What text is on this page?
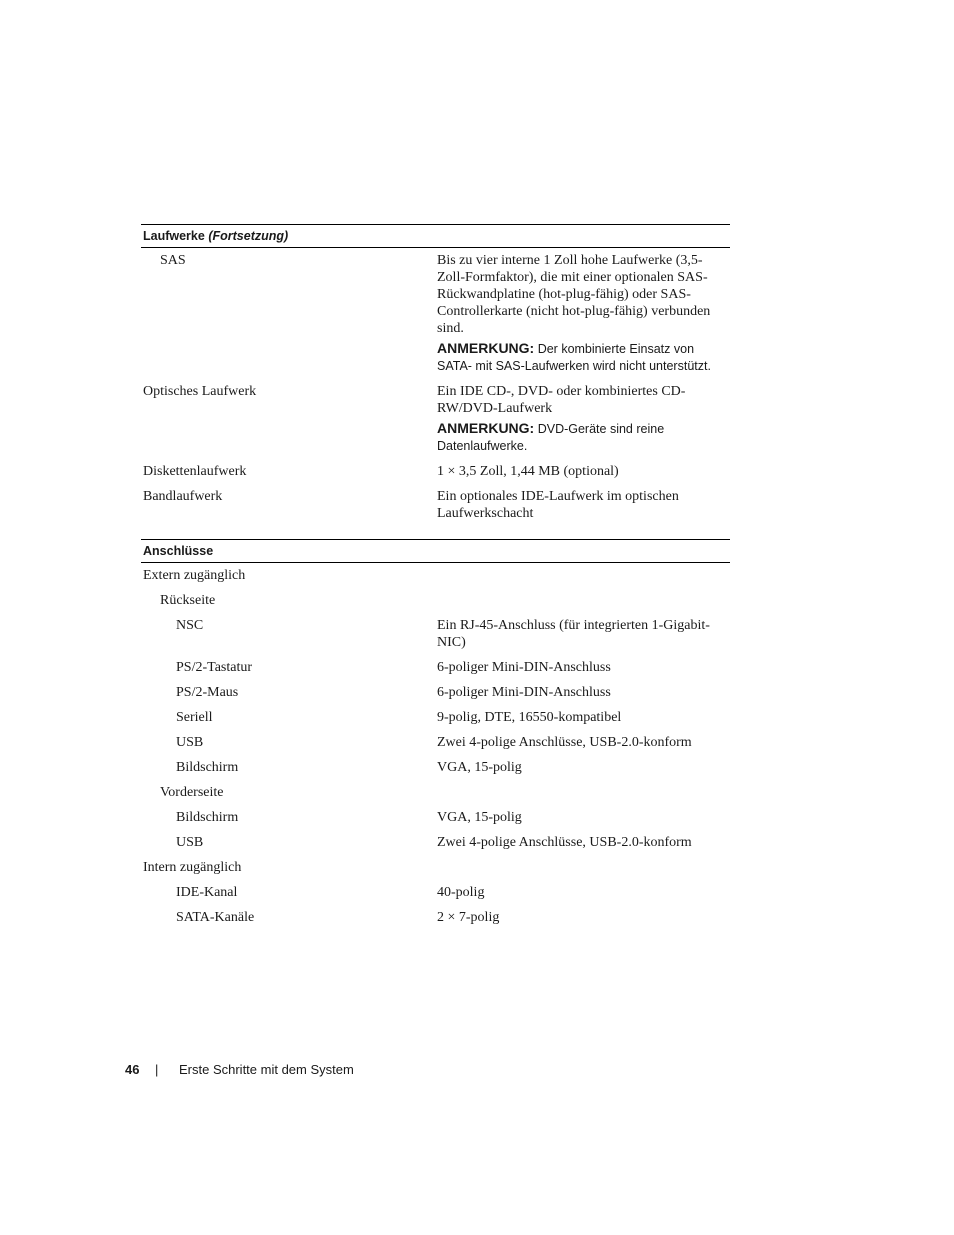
Laufwerke (Fortsetzung)
SAS	Bis zu vier interne 1 Zoll hohe Laufwerke (3,5-Zoll-Formfaktor), die mit einer optionalen SAS-Rückwandplatine (hot-plug-fähig) oder SAS-Controllerkarte (nicht hot-plug-fähig) verbunden sind.

ANMERKUNG: Der kombinierte Einsatz von SATA- mit SAS-Laufwerken wird nicht unterstützt.

Optisches Laufwerk	Ein IDE CD-, DVD- oder kombiniertes CD-RW/DVD-Laufwerk

ANMERKUNG: DVD-Geräte sind reine Datenlaufwerke.

Diskettenlaufwerk	1 × 3,5 Zoll, 1,44 MB (optional)

Bandlaufwerk	Ein optionales IDE-Laufwerk im optischen Laufwerkschacht

Anschlüsse
Extern zugänglich

Rückseite

NSC	Ein RJ-45-Anschluss (für integrierten 1-Gigabit-NIC)

PS/2-Tastatur	6-poliger Mini-DIN-Anschluss

PS/2-Maus	6-poliger Mini-DIN-Anschluss

Seriell	9-polig, DTE, 16550-kompatibel

USB	Zwei 4-polige Anschlüsse, USB-2.0-konform

Bildschirm	VGA, 15-polig

Vorderseite

Bildschirm	VGA, 15-polig

USB	Zwei 4-polige Anschlüsse, USB-2.0-konform

Intern zugänglich

IDE-Kanal	40-polig

SATA-Kanäle	2 × 7-polig

46 | Erste Schritte mit dem System
